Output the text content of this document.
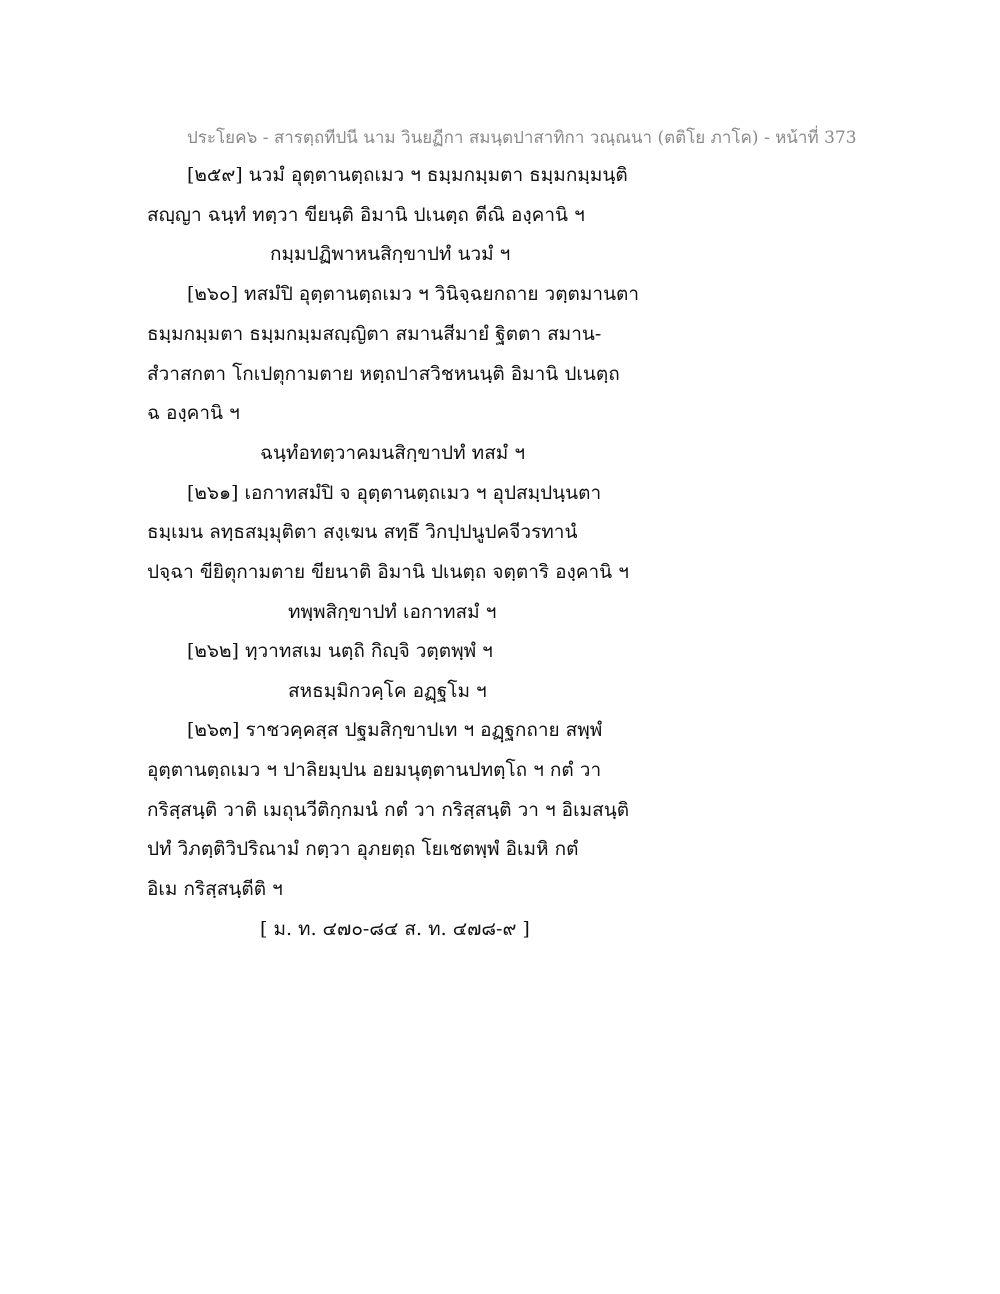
ประโยค๖ - สารตฺถทีปนี นาม วินยฏีกา สมนฺตปาสาทิกา วณฺณนา (ตติโย ภาโค) - หน้าที่ 373
[๒๕๙] นวมํ อุตฺตานตฺถเมว ฯ ธมฺมกมฺมตา ธมฺมกมฺมนฺติ
สญฺญา ฉนฺทํ ทตฺวา ขียนฺติ อิมานิ ปเนตฺถ ตีณิ องฺคานิ ฯ
กมฺมปฏิพาหนสิกฺขาปทํ นวมํ ฯ
[๒๖๐] ทสมํปิ อุตฺตานตฺถเมว ฯ วินิจฺฉยกถาย วตฺตมานตา
ธมฺมกมฺมตา ธมฺมกมฺมสญฺญิตา สมานสีมายํ ฐิตตา สมาน-
สํวาสกตา โกเปตุกามตาย หตฺถปาสวิชหนนฺติ อิมานิ ปเนตฺถ
ฉ องฺคานิ ฯ
ฉนฺทํอทตฺวาคมนสิกฺขาปทํ ทสมํ ฯ
[๒๖๑] เอกาทสมํปิ จ อุตฺตานตฺถเมว ฯ อุปสมฺปนฺนตา
ธมฺเมน ลทฺธสมฺมุติตา สงฺเฆน สทฺธึ วิกปฺปนูปคจีวรทานํ
ปจฺฉา ขียิตุกามตาย ขียนาติ อิมานิ ปเนตฺถ จตฺตาริ องฺคานิ ฯ
ทพฺพสิกฺขาปทํ เอกาทสมํ ฯ
[๒๖๒] ทฺวาทสเม นตฺถิ กิญฺจิ วตฺตพฺพํ ฯ
สหธมฺมิกวคฺโค อฏฺฐโม ฯ
[๒๖๓] ราชวคฺคสฺส ปฐมสิกฺขาปเท ฯ อฏฺฐกถาย สพฺพํ
อุตฺตานตฺถเมว ฯ ปาลิยมฺปน อยมนุตฺตานปทตฺโถ ฯ กตํ วา
กริสฺสนฺติ วาติ เมถุนวีติกฺกมนํ กตํ วา กริสฺสนฺติ วา ฯ อิเมสนฺติ
ปทํ วิภตฺติวิปริณามํ กตฺวา อุภยตฺถ โยเชตพฺพํ อิเมหิ กตํ
อิเม กริสฺสนฺตีติ ฯ
[ ม. ท. ๔๗๐-๘๔ ส. ท. ๔๗๘-๙ ]
